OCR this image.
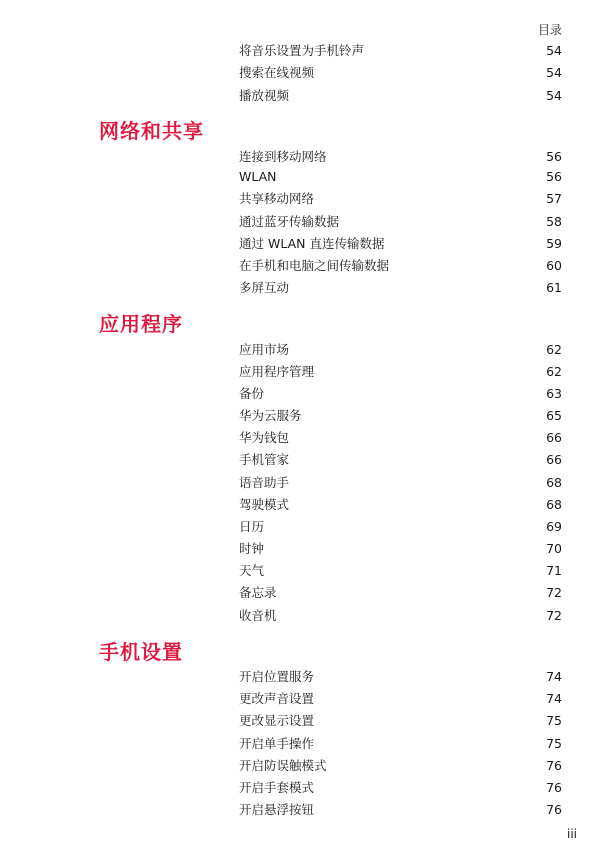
目录
将音乐设置为手机铃声	54
搜索在线视频	54
播放视频	54
网络和共享
连接到移动网络	56
WLAN	56
共享移动网络	57
通过蓝牙传输数据	58
通过 WLAN 直连传输数据	59
在手机和电脑之间传输数据	60
多屏互动	61
应用程序
应用市场	62
应用程序管理	62
备份	63
华为云服务	65
华为钱包	66
手机管家	66
语音助手	68
驾驶模式	68
日历	69
时钟	70
天气	71
备忘录	72
收音机	72
手机设置
开启位置服务	74
更改声音设置	74
更改显示设置	75
开启单手操作	75
开启防误触模式	76
开启手套模式	76
开启悬浮按钮	76
iii
